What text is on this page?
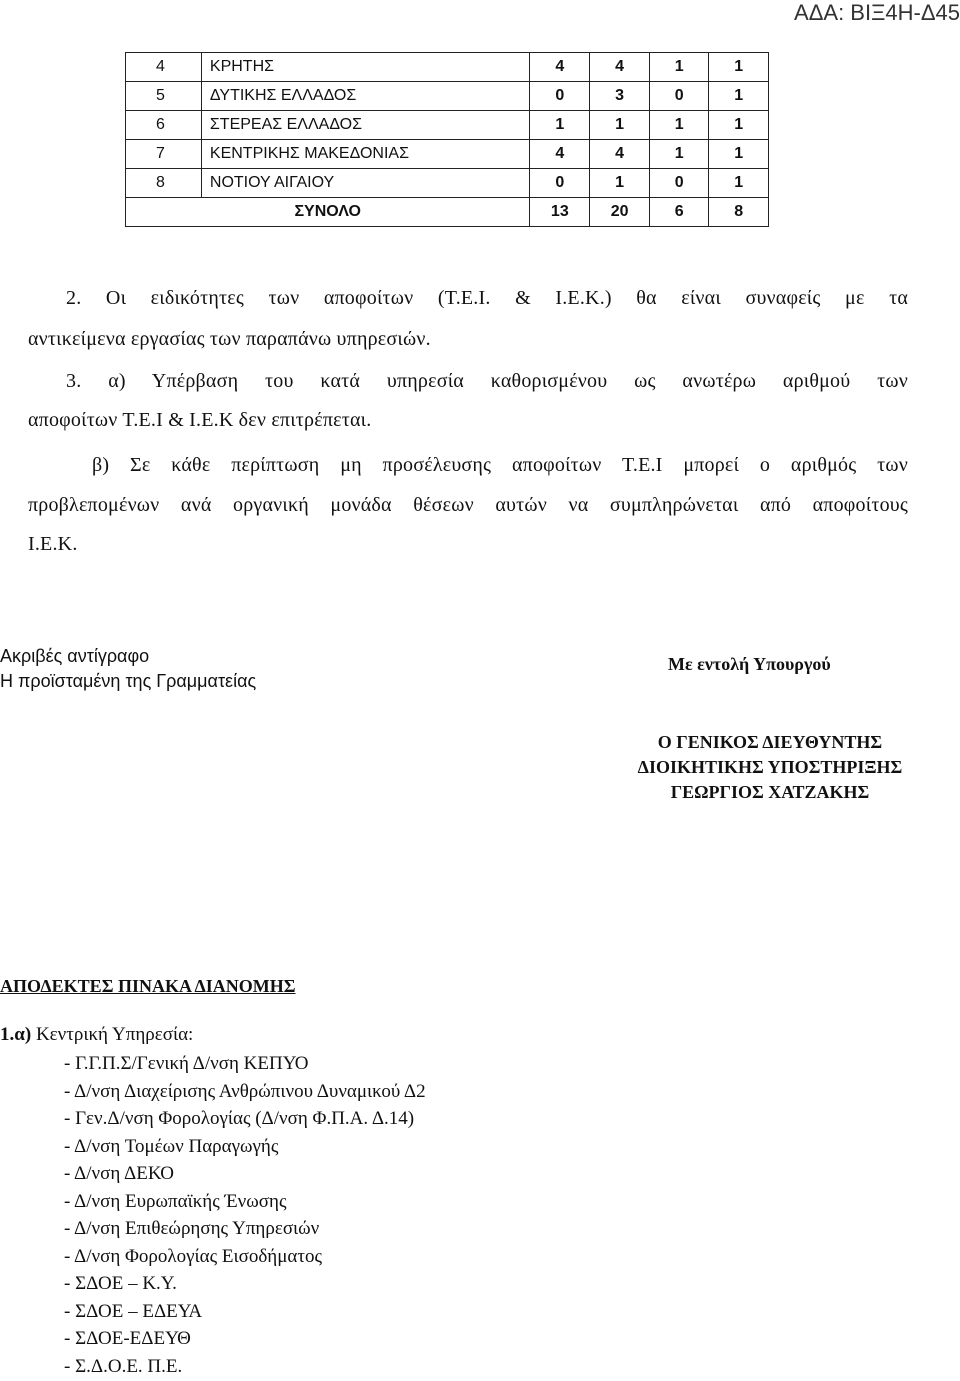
ΑΔΑ: ΒΙΞ4Η-Δ45
4	ΚΡΗΤΗΣ	4	4	1	1
5	ΔΥΤΙΚΗΣ ΕΛΛΑΔΟΣ	0	3	0	1
6	ΣΤΕΡΕΑΣ ΕΛΛΑΔΟΣ	1	1	1	1
7	ΚΕΝΤΡΙΚΗΣ ΜΑΚΕΔΟΝΙΑΣ	4	4	1	1
8	ΝΟΤΙΟΥ ΑΙΓΑΙΟΥ	0	1	0	1
ΣΥΝΟΛΟ		13	20	6	8
2. Οι ειδικότητες των αποφοίτων (Τ.Ε.Ι. & Ι.Ε.Κ.) θα είναι συναφείς με τα
αντικείμενα εργασίας των παραπάνω υπηρεσιών.
3. α) Υπέρβαση του κατά υπηρεσία καθορισμένου ως ανωτέρω αριθμού των
αποφοίτων Τ.Ε.Ι & Ι.Ε.Κ δεν επιτρέπεται.
β) Σε κάθε περίπτωση μη προσέλευσης αποφοίτων Τ.Ε.Ι μπορεί ο αριθμός των
προβλεπομένων ανά οργανική μονάδα θέσεων αυτών να συμπληρώνεται από αποφοίτους
Ι.Ε.Κ.
Ακριβές αντίγραφο
Η προϊσταμένη της Γραμματείας
Με εντολή Υπουργού
Ο ΓΕΝΙΚΟΣ ΔΙΕΥΘΥΝΤΗΣ
ΔΙΟΙΚΗΤΙΚΗΣ ΥΠΟΣΤΗΡΙΞΗΣ
ΓΕΩΡΓΙΟΣ ΧΑΤΖΑΚΗΣ
ΑΠΟΔΕΚΤΕΣ ΠΙΝΑΚΑ ΔΙΑΝΟΜΗΣ
1.α) Κεντρική Υπηρεσία:
- Γ.Γ.Π.Σ/Γενική Δ/νση ΚΕΠΥΟ
- Δ/νση Διαχείρισης Ανθρώπινου Δυναμικού Δ2
- Γεν.Δ/νση Φορολογίας (Δ/νση Φ.Π.Α. Δ.14)
- Δ/νση Τομέων Παραγωγής
- Δ/νση ΔΕΚΟ
- Δ/νση Ευρωπαϊκής Ένωσης
- Δ/νση Επιθεώρησης Υπηρεσιών
- Δ/νση Φορολογίας Εισοδήματος
- ΣΔΟΕ – Κ.Υ.
- ΣΔΟΕ – ΕΔΕΥΑ
- ΣΔΟΕ-ΕΔΕΥΘ
- Σ.Δ.Ο.Ε. Π.Ε.
